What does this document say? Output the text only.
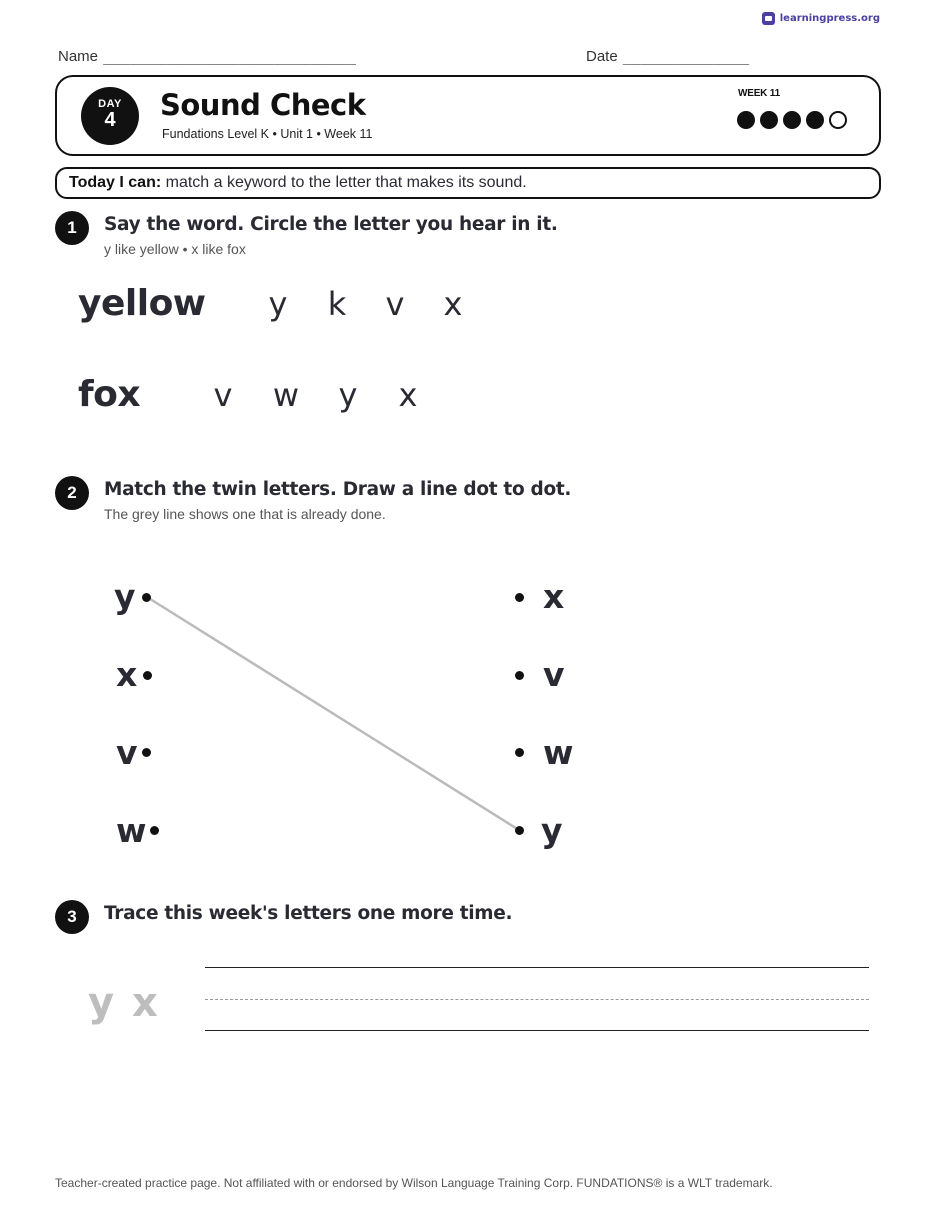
learningpress.org
Name ____________________________	Date ______________
DAY
4	Sound Check
Fundations Level K • Unit 1 • Week 11
WEEK 11
Today I can: match a keyword to the letter that makes its sound.
1	Say the word. Circle the letter you hear in it.
y like yellow • x like fox
yellow	y	k	v	x
fox	v	w	y	x
2	Match the twin letters. Draw a line dot to dot.
The grey line shows one that is already done.
y
x
v
w
x
v
w
y
3	Trace this week's letters one more time.
y x
Teacher-created practice page. Not affiliated with or endorsed by Wilson Language Training Corp. FUNDATIONS® is a WLT trademark.
